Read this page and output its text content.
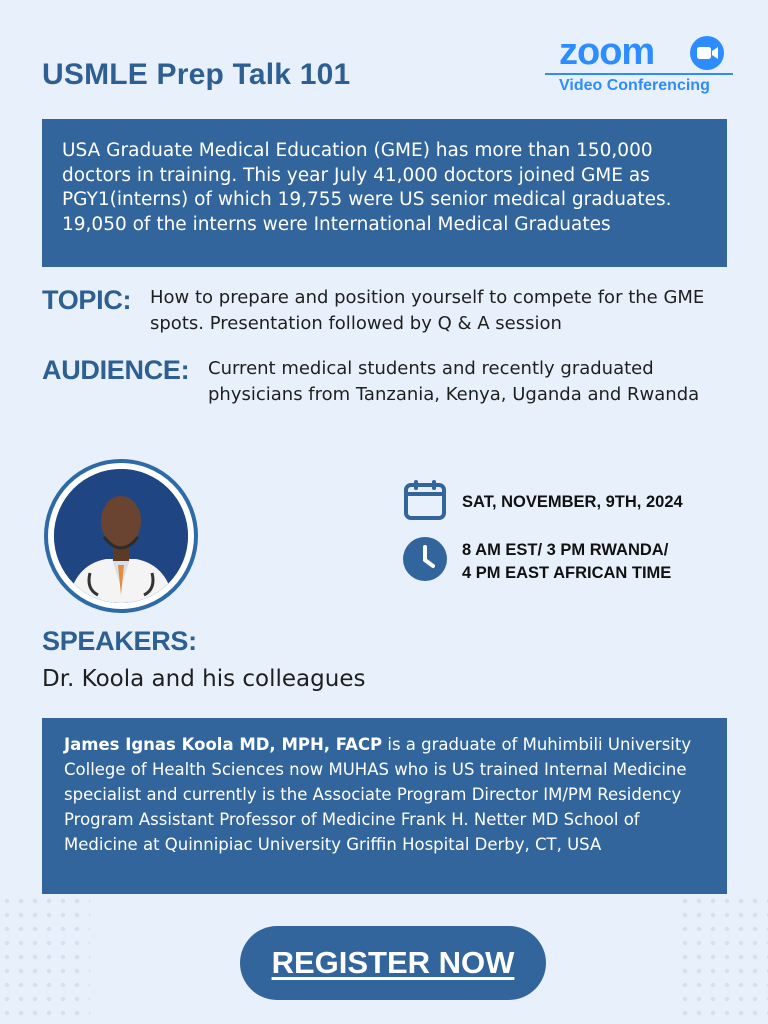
USMLE Prep Talk 101
zoom
Video Conferencing
USA Graduate Medical Education (GME) has more than 150,000 doctors in training. This year July 41,000 doctors joined GME as PGY1(interns) of which 19,755 were US senior medical graduates. 19,050 of the interns were International Medical Graduates
TOPIC: How to prepare and position yourself to compete for the GME spots. Presentation followed by Q & A session
AUDIENCE: Current medical students and recently graduated physicians from Tanzania, Kenya, Uganda and Rwanda
SAT, NOVEMBER, 9TH, 2024
8 AM EST/ 3 PM RWANDA/
4 PM EAST AFRICAN TIME
SPEAKERS:

Dr. Koola and his colleagues

James Ignas Koola MD, MPH, FACP is a graduate of Muhimbili University College of Health Sciences now MUHAS who is US trained Internal Medicine specialist and currently is the Associate Program Director IM/PM Residency Program Assistant Professor of Medicine Frank H. Netter MD School of Medicine at Quinnipiac University Griffin Hospital Derby, CT, USA
REGISTER NOW
